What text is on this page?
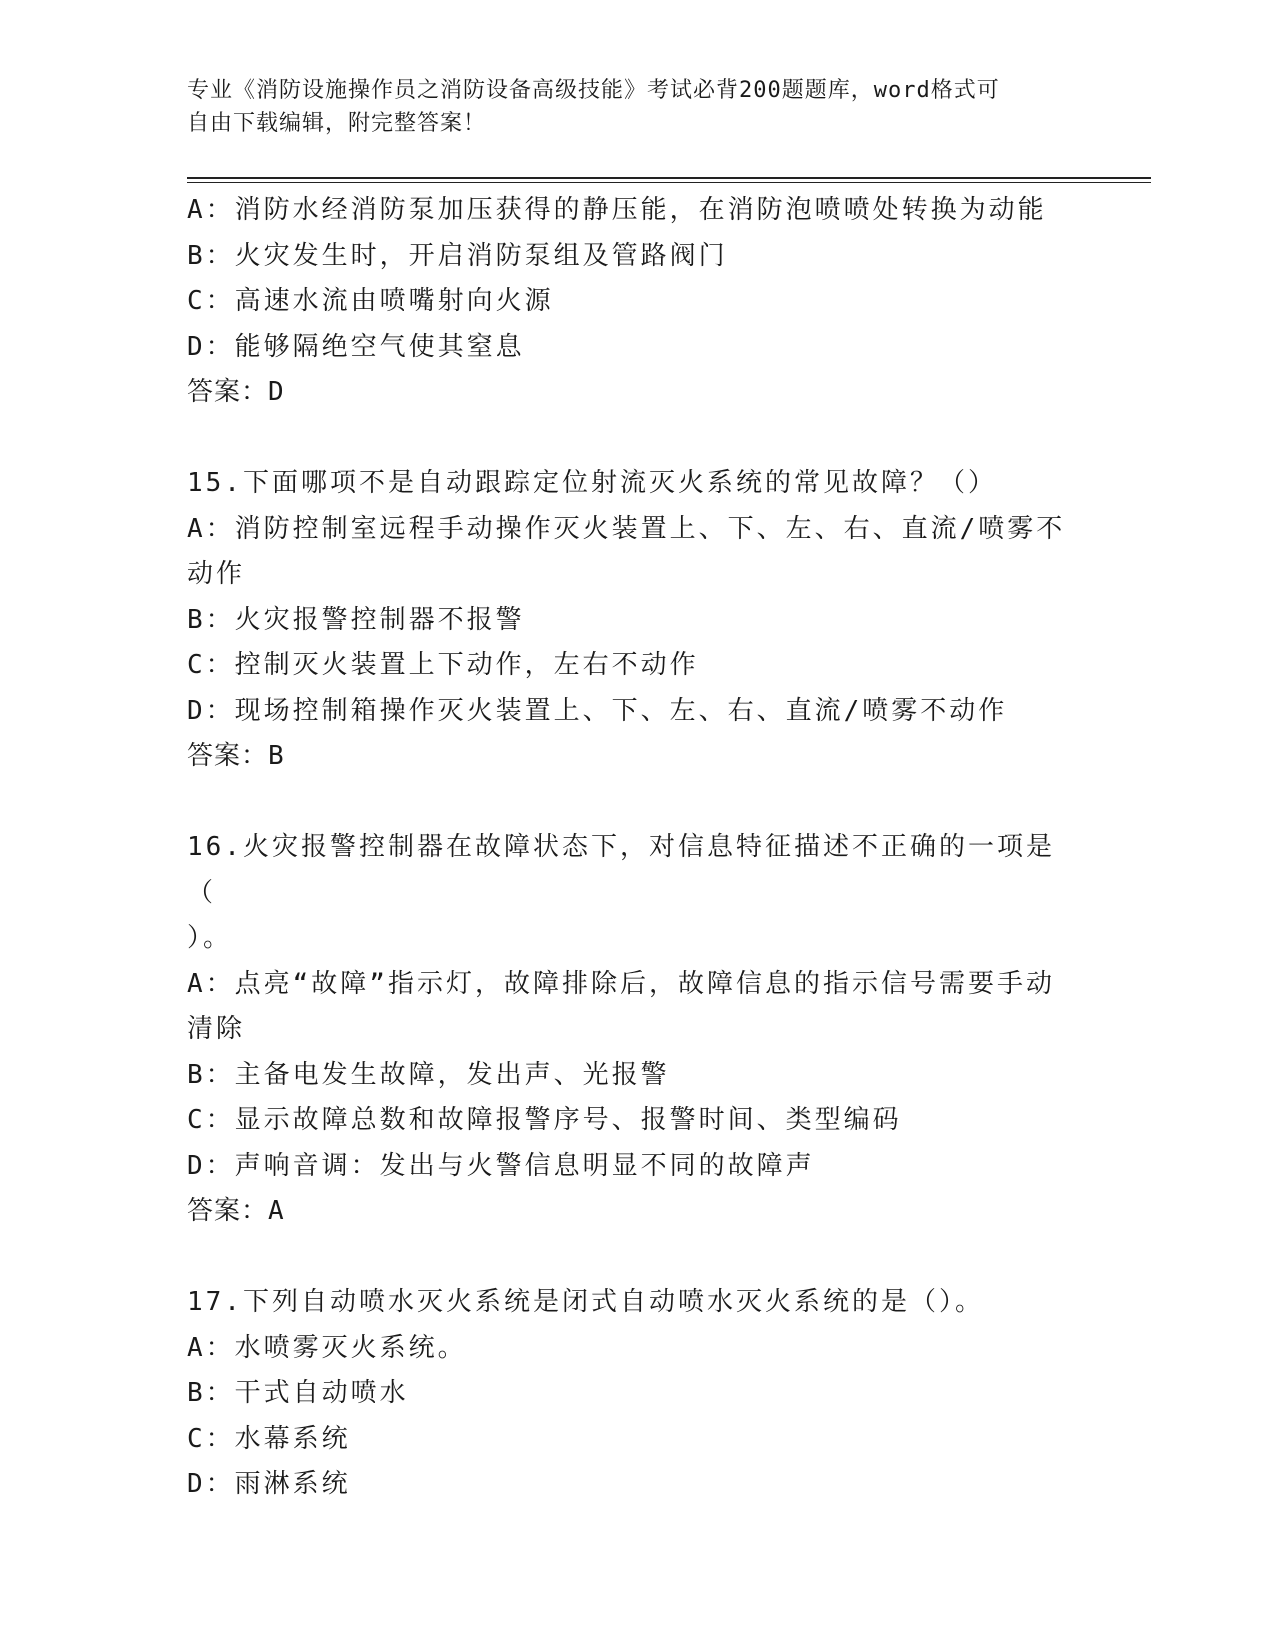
专业《消防设施操作员之消防设备高级技能》考试必背200题题库，word格式可
自由下载编辑，附完整答案！
A：消防水经消防泵加压获得的静压能，在消防泡喷喷处转换为动能
B：火灾发生时，开启消防泵组及管路阀门
C：高速水流由喷嘴射向火源
D：能够隔绝空气使其窒息
答案：D
15.下面哪项不是自动跟踪定位射流灭火系统的常见故障？（）
A：消防控制室远程手动操作灭火装置上、下、左、右、直流/喷雾不
动作
B：火灾报警控制器不报警
C：控制灭火装置上下动作，左右不动作
D：现场控制箱操作灭火装置上、下、左、右、直流/喷雾不动作
答案：B
16.火灾报警控制器在故障状态下，对信息特征描述不正确的一项是（
）。
A：点亮“故障”指示灯，故障排除后，故障信息的指示信号需要手动
清除
B：主备电发生故障，发出声、光报警
C：显示故障总数和故障报警序号、报警时间、类型编码
D：声响音调：发出与火警信息明显不同的故障声
答案：A
17.下列自动喷水灭火系统是闭式自动喷水灭火系统的是（）。
A：水喷雾灭火系统。
B：干式自动喷水
C：水幕系统
D：雨淋系统
